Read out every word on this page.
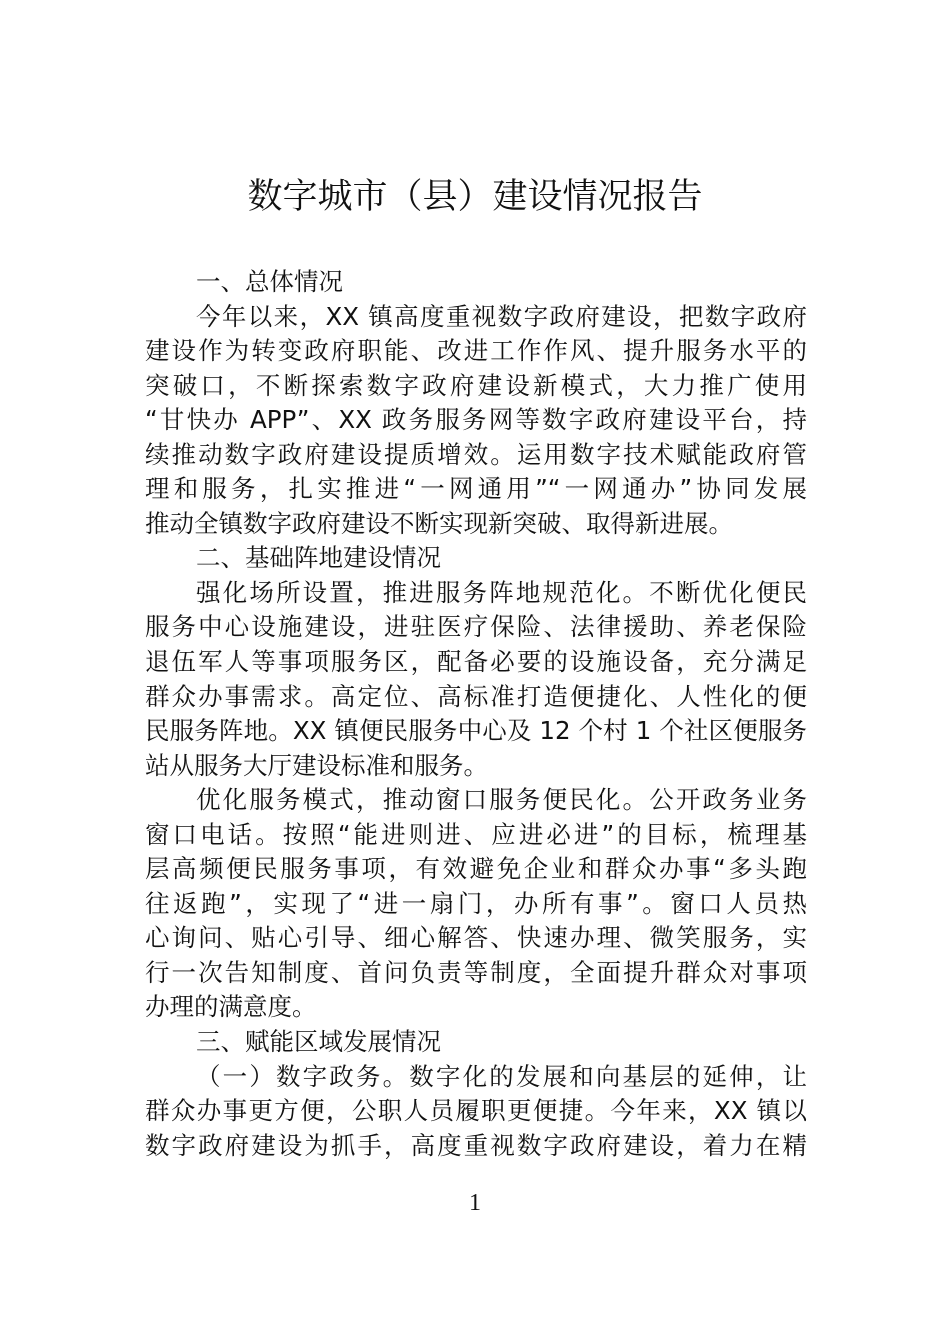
数字城市（县）建设情况报告
一、总体情况
今年以来，XX 镇高度重视数字政府建设，把数字政府
建设作为转变政府职能、改进工作作风、提升服务水平的
突破口，不断探索数字政府建设新模式，大力推广使用
“甘快办 APP”、XX 政务服务网等数字政府建设平台，持
续推动数字政府建设提质增效。运用数字技术赋能政府管
理和服务，扎实推进“一网通用”“一网通办”协同发展
推动全镇数字政府建设不断实现新突破、取得新进展。
二、基础阵地建设情况
强化场所设置，推进服务阵地规范化。不断优化便民
服务中心设施建设，进驻医疗保险、法律援助、养老保险
退伍军人等事项服务区，配备必要的设施设备，充分满足
群众办事需求。高定位、高标准打造便捷化、人性化的便
民服务阵地。XX 镇便民服务中心及 12 个村 1 个社区便服务
站从服务大厅建设标准和服务。
优化服务模式，推动窗口服务便民化。公开政务业务
窗口电话。按照“能进则进、应进必进”的目标，梳理基
层高频便民服务事项，有效避免企业和群众办事“多头跑
往返跑”，实现了“进一扇门，办所有事”。窗口人员热
心询问、贴心引导、细心解答、快速办理、微笑服务，实
行一次告知制度、首问负责等制度，全面提升群众对事项
办理的满意度。
三、赋能区域发展情况
（一）数字政务。数字化的发展和向基层的延伸，让
群众办事更方便，公职人员履职更便捷。今年来，XX 镇以
数字政府建设为抓手，高度重视数字政府建设，着力在精
1
